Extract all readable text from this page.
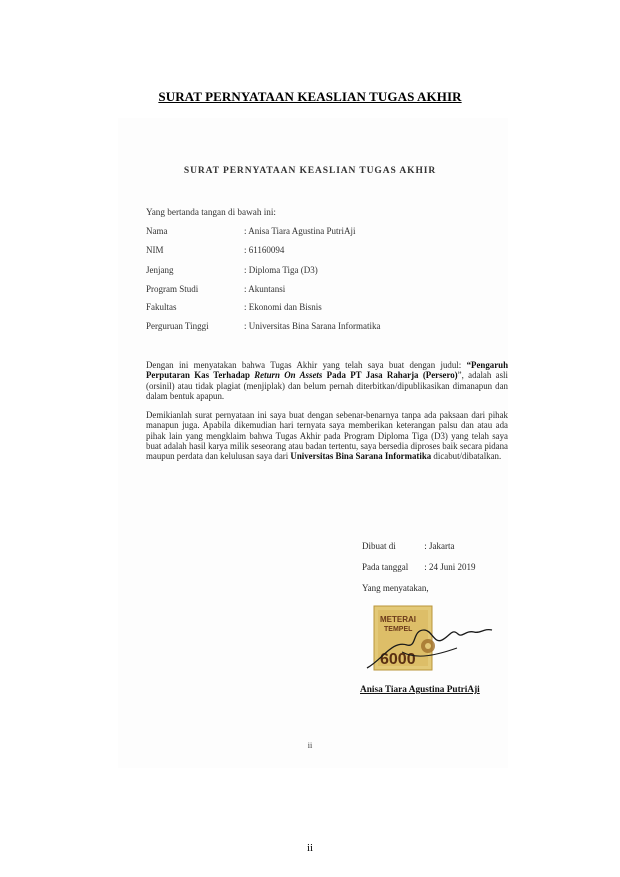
SURAT PERNYATAAN KEASLIAN TUGAS AKHIR
SURAT PERNYATAAN KEASLIAN TUGAS AKHIR
Yang bertanda tangan di bawah ini:
Nama	: Anisa Tiara Agustina PutriAji
NIM	: 61160094
Jenjang	: Diploma Tiga (D3)
Program Studi	: Akuntansi
Fakultas	: Ekonomi dan Bisnis
Perguruan Tinggi	: Universitas Bina Sarana Informatika
Dengan ini menyatakan bahwa Tugas Akhir yang telah saya buat dengan judul: “Pengaruh Perputaran Kas Terhadap Return On Assets Pada PT Jasa Raharja (Persero)”, adalah asli (orsinil) atau tidak plagiat (menjiplak) dan belum pernah diterbitkan/dipublikasikan dimanapun dan dalam bentuk apapun.
Demikianlah surat pernyataan ini saya buat dengan sebenar-benarnya tanpa ada paksaan dari pihak manapun juga. Apabila dikemudian hari ternyata saya memberikan keterangan palsu dan atau ada pihak lain yang mengklaim bahwa Tugas Akhir pada Program Diploma Tiga (D3) yang telah saya buat adalah hasil karya milik seseorang atau badan tertentu, saya bersedia diproses baik secara pidana maupun perdata dan kelulusan saya dari Universitas Bina Sarana Informatika dicabut/dibatalkan.
Dibuat di	: Jakarta
Pada tanggal : 24 Juni 2019
Yang menyatakan,
METERAI
TEMPEL
6000
Anisa Tiara Agustina PutriAji
ii
ii
